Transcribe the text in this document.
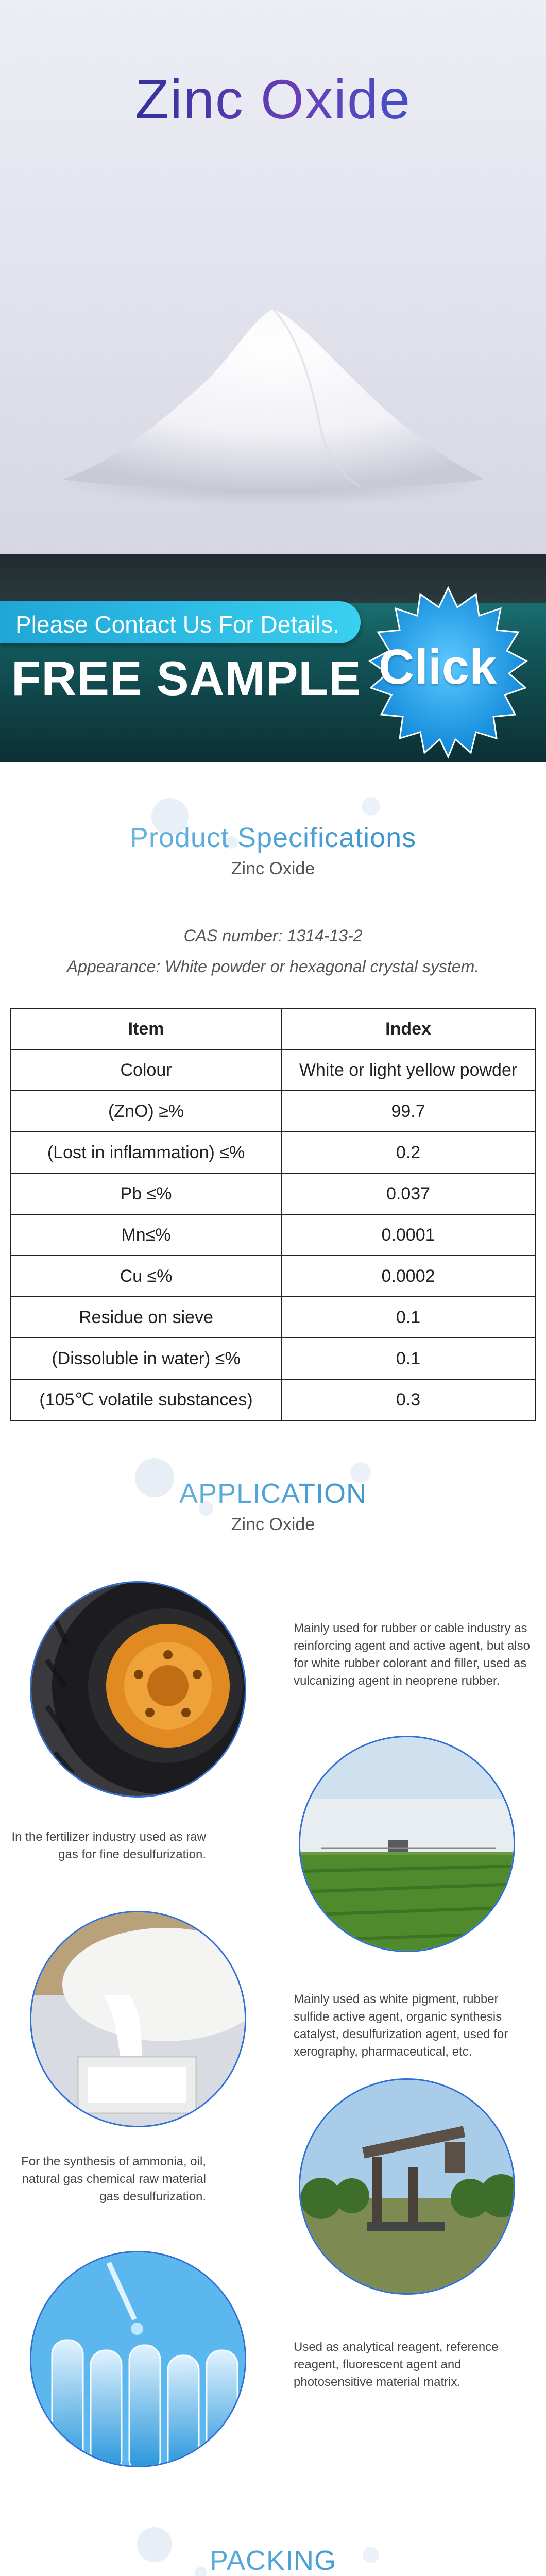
Zinc Oxide
Please Contact Us For Details.
FREE SAMPLE Click
Product Specifications
Zinc Oxide
CAS number: 1314-13-2
Appearance: White powder or hexagonal crystal system.
Item	Index
Colour	White or light yellow powder
(ZnO) ≥%	99.7
(Lost in inflammation) ≤%	0.2
Pb ≤%	0.037
Mn≤%	0.0001
Cu ≤%	0.0002
Residue on sieve	0.1
(Dissoluble in water) ≤%	0.1
(105℃ volatile substances)	0.3
APPLICATION
Zinc Oxide
Mainly used for rubber or cable industry as reinforcing agent and active agent, but also for white rubber colorant and filler, used as vulcanizing agent in neoprene rubber.
In the fertilizer industry used as raw gas for fine desulfurization.
Mainly used as white pigment, rubber sulfide active agent, organic synthesis catalyst, desulfurization agent, used for xerography, pharmaceutical, etc.
For the synthesis of ammonia, oil, natural gas chemical raw material gas desulfurization.
Used as analytical reagent, reference reagent, fluorescent agent and photosensitive material matrix.
PACKING
